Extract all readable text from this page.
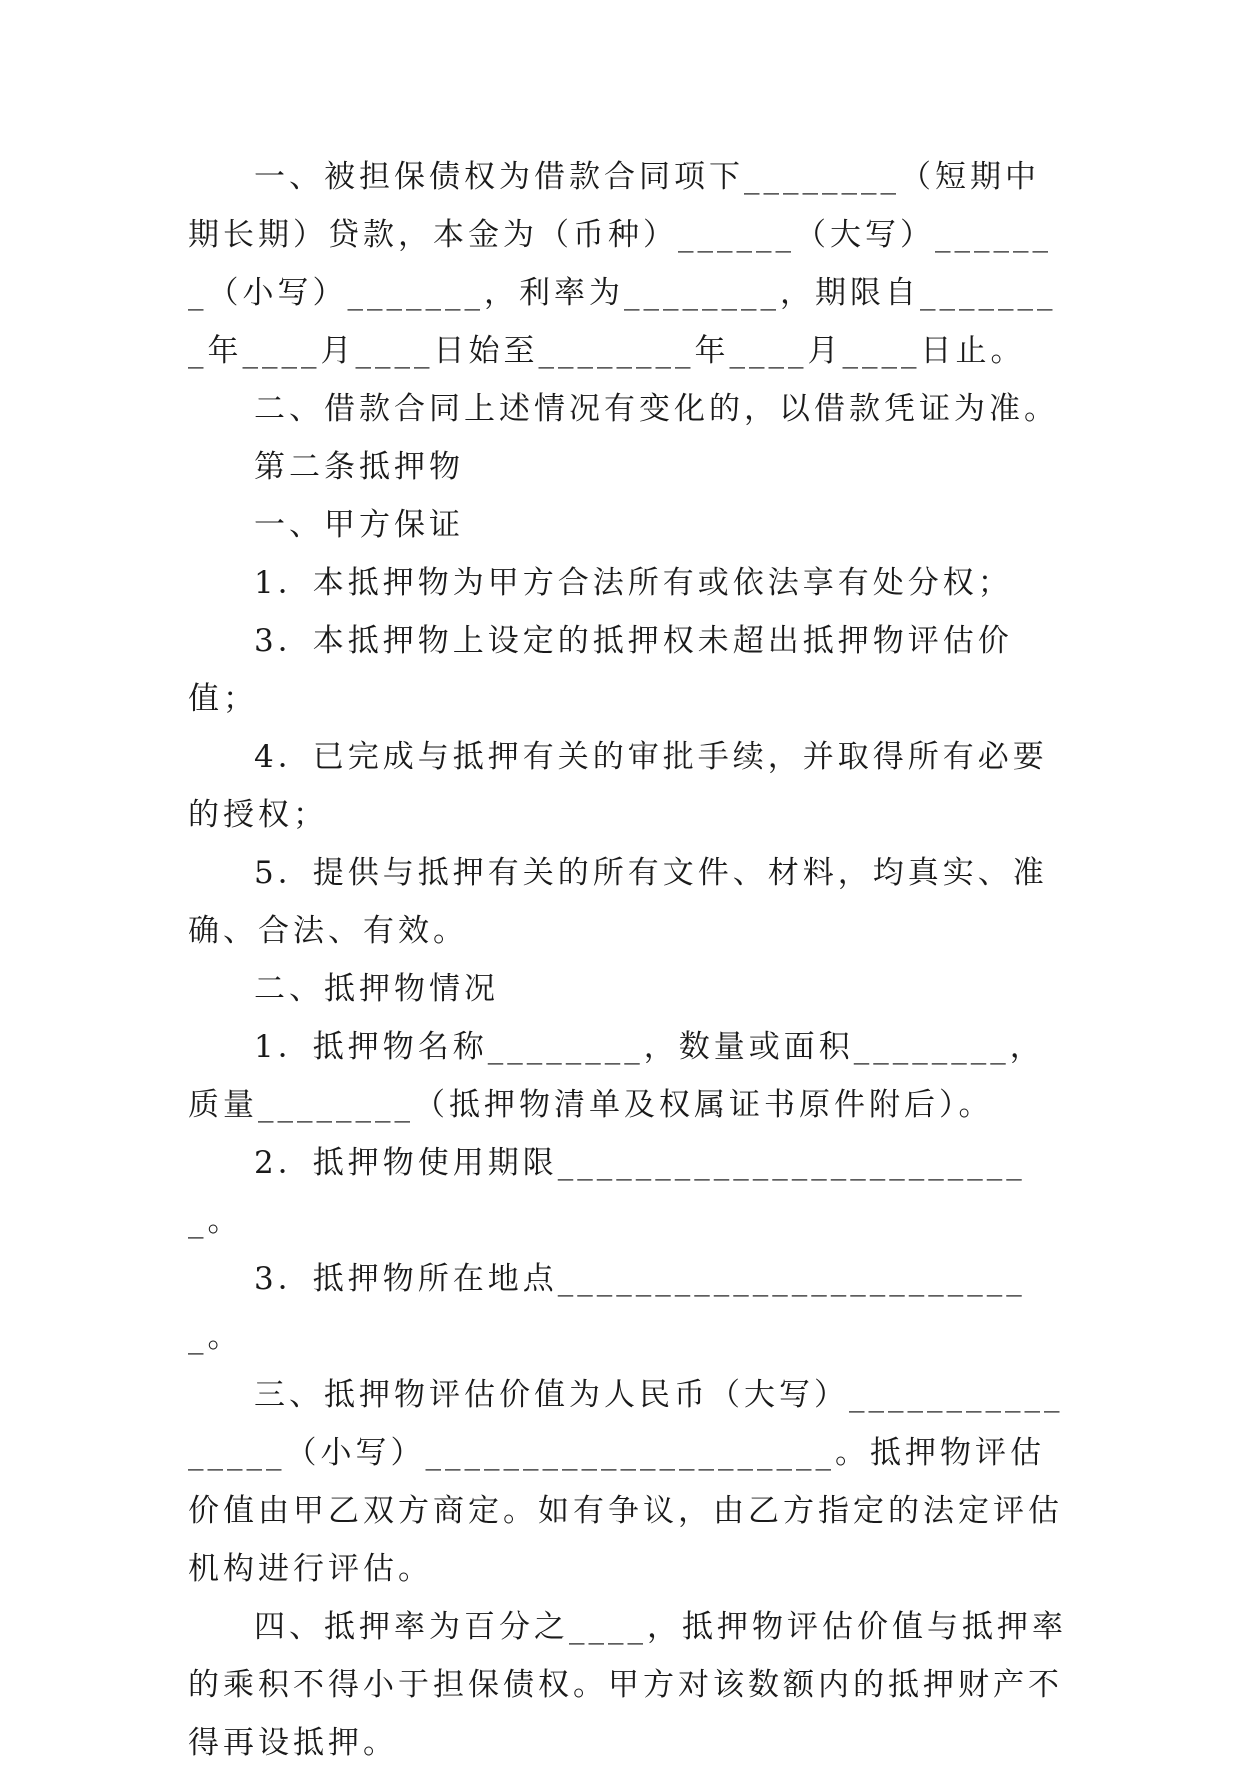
一、被担保债权为借款合同项下________（短期中期长期）贷款，本金为（币种）______（大写）_______（小写）_______，利率为________，期限自________年____月____日始至________年____月____日止。

二、借款合同上述情况有变化的，以借款凭证为准。

第二条抵押物

一、甲方保证

1．本抵押物为甲方合法所有或依法享有处分权；

3．本抵押物上设定的抵押权未超出抵押物评估价值；

4．已完成与抵押有关的审批手续，并取得所有必要的授权；

5．提供与抵押有关的所有文件、材料，均真实、准确、合法、有效。

二、抵押物情况

1．抵押物名称________，数量或面积________，质量________（抵押物清单及权属证书原件附后）。

2．抵押物使用期限_________________________。

3．抵押物所在地点_________________________。

三、抵押物评估价值为人民币（大写）________________（小写）_____________________。抵押物评估价值由甲乙双方商定。如有争议，由乙方指定的法定评估机构进行评估。

四、抵押率为百分之____，抵押物评估价值与抵押率的乘积不得小于担保债权。甲方对该数额内的抵押财产不得再设抵押。
